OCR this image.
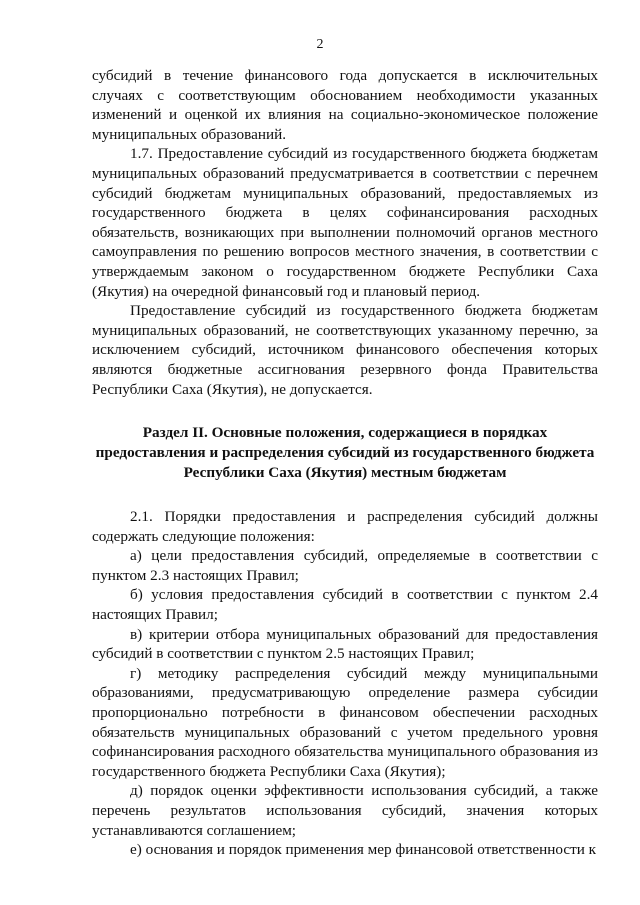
2

субсидий в течение финансового года допускается в исключительных случаях с соответствующим обоснованием необходимости указанных изменений и оценкой их влияния на социально-экономическое положение муниципальных образований.

1.7. Предоставление субсидий из государственного бюджета бюджетам муниципальных образований предусматривается в соответствии с перечнем субсидий бюджетам муниципальных образований, предоставляемых из государственного бюджета в целях софинансирования расходных обязательств, возникающих при выполнении полномочий органов местного самоуправления по решению вопросов местного значения, в соответствии с утверждаемым законом о государственном бюджете Республики Саха (Якутия) на очередной финансовый год и плановый период.

Предоставление субсидий из государственного бюджета бюджетам муниципальных образований, не соответствующих указанному перечню, за исключением субсидий, источником финансового обеспечения которых являются бюджетные ассигнования резервного фонда Правительства Республики Саха (Якутия), не допускается.

Раздел II. Основные положения, содержащиеся в порядках предоставления и распределения субсидий из государственного бюджета Республики Саха (Якутия) местным бюджетам

2.1. Порядки предоставления и распределения субсидий должны содержать следующие положения:

а) цели предоставления субсидий, определяемые в соответствии с пунктом 2.3 настоящих Правил;

б) условия предоставления субсидий в соответствии с пунктом 2.4 настоящих Правил;

в) критерии отбора муниципальных образований для предоставления субсидий в соответствии с пунктом 2.5 настоящих Правил;

г) методику распределения субсидий между муниципальными образованиями, предусматривающую определение размера субсидии пропорционально потребности в финансовом обеспечении расходных обязательств муниципальных образований с учетом предельного уровня софинансирования расходного обязательства муниципального образования из государственного бюджета Республики Саха (Якутия);

д) порядок оценки эффективности использования субсидий, а также перечень результатов использования субсидий, значения которых устанавливаются соглашением;

е) основания и порядок применения мер финансовой ответственности к
